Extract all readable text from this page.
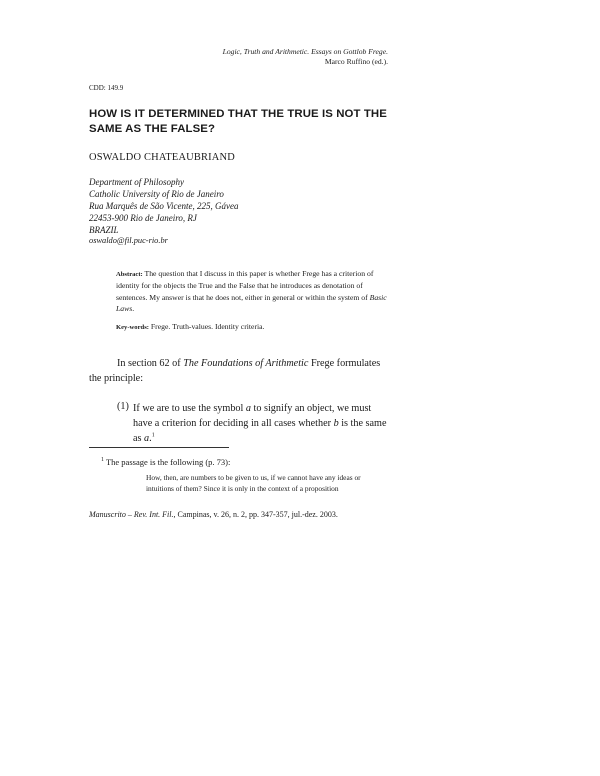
Logic, Truth and Arithmetic. Essays on Gottlob Frege.
Marco Ruffino (ed.).
CDD: 149.9
HOW IS IT DETERMINED THAT THE TRUE IS NOT THE SAME AS THE FALSE?
OSWALDO CHATEAUBRIAND
Department of Philosophy
Catholic University of Rio de Janeiro
Rua Marquês de São Vicente, 225, Gávea
22453-900 Rio de Janeiro, RJ
BRAZIL
oswaldo@fil.puc-rio.br
Abstract: The question that I discuss in this paper is whether Frege has a criterion of identity for the objects the True and the False that he introduces as denotation of sentences. My answer is that he does not, either in general or within the system of Basic Laws.
Key-words: Frege. Truth-values. Identity criteria.
In section 62 of The Foundations of Arithmetic Frege formulates the principle:
(1) If we are to use the symbol a to signify an object, we must have a criterion for deciding in all cases whether b is the same as a.$^1$
$^1$ The passage is the following (p. 73):
How, then, are numbers to be given to us, if we cannot have any ideas or intuitions of them? Since it is only in the context of a proposition
Manuscrito – Rev. Int. Fil., Campinas, v. 26, n. 2, pp. 347-357, jul.-dez. 2003.
